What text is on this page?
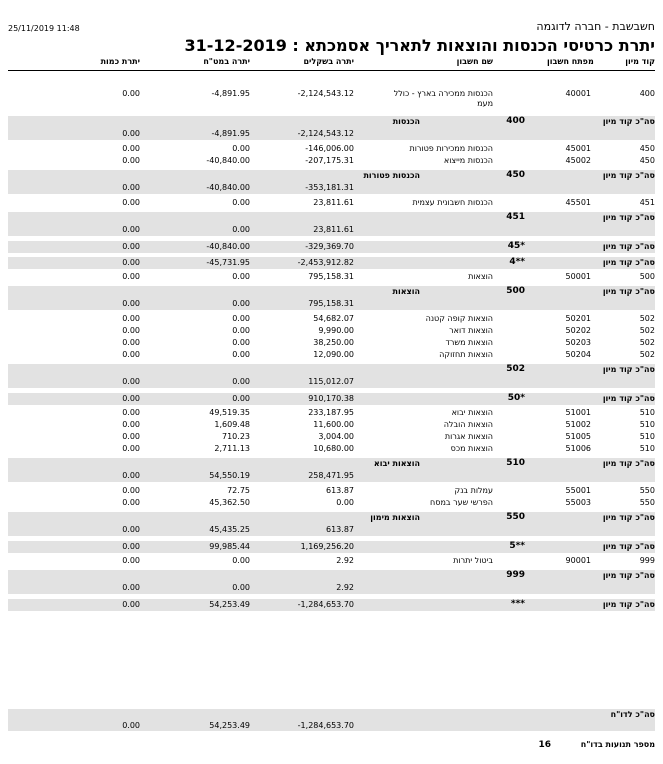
25/11/2019 11:48	חשבשבת - חברה לדוגמה
יתרת כרטיסי הכנסות והוצאות לתאריך אסמכתא : 31-12-2019
קוד מיון
מפתח חשבון
שם חשבון
יתרה בשקלים
יתרה במט"ח
יתרת כמות
400
40001
הכנסות ממכירה בארץ - כולל
-2,124,543.12
-4,891.95
0.00
מעמ
סה"כ קוד מיון
400
הכנסות
-2,124,543.12
-4,891.95
0.00
450
45001
הכנסות ממכירות פטורות
-146,006.00
0.00
0.00
450
45002
הכנסות מייצוא
-207,175.31
-40,840.00
0.00
סה"כ קוד מיון
450
הכנסות פטורות
-353,181.31
-40,840.00
0.00
451
45501
הכנסות חשבונית עצמית
23,811.61
0.00
0.00
סה"כ קוד מיון
451
23,811.61
0.00
0.00
סה"כ קוד מיון
45*
-329,369.70
-40,840.00
0.00
סה"כ קוד מיון
4**
-2,453,912.82
-45,731.95
0.00
500
50001
הוצאות
795,158.31
0.00
0.00
סה"כ קוד מיון
500
הוצאות
795,158.31
0.00
0.00
502
50201
הוצאות קופה קטנה
54,682.07
0.00
0.00
502
50202
הוצאות דואר
9,990.00
0.00
0.00
502
50203
הוצאות משרד
38,250.00
0.00
0.00
502
50204
הוצאות תחזוקה
12,090.00
0.00
0.00
סה"כ קוד מיון
502
115,012.07
0.00
0.00
סה"כ קוד מיון
50*
910,170.38
0.00
0.00
510
51001
הוצאות יבוא
233,187.95
49,519.35
0.00
510
51002
הוצאות הובלה
11,600.00
1,609.48
0.00
510
51005
הוצאות אגרות
3,004.00
710.23
0.00
510
51006
הוצאות מכס
10,680.00
2,711.13
0.00
סה"כ קוד מיון
510
הוצאות יבוא
258,471.95
54,550.19
0.00
550
55001
עמלות בנק
613.87
72.75
0.00
550
55003
הפרשי שער במסח
0.00
45,362.50
0.00
סה"כ קוד מיון
550
הוצאות מימון
613.87
45,435.25
0.00
סה"כ קוד מיון
5**
1,169,256.20
99,985.44
0.00
999
90001
ביטול יתרות
2.92
0.00
0.00
סה"כ קוד מיון
999
2.92
0.00
0.00
סה"כ קוד מיון
***
-1,284,653.70
54,253.49
0.00
סה"כ לדו"ח
-1,284,653.70
54,253.49
0.00
מספר תנועות בדו"ח
16
